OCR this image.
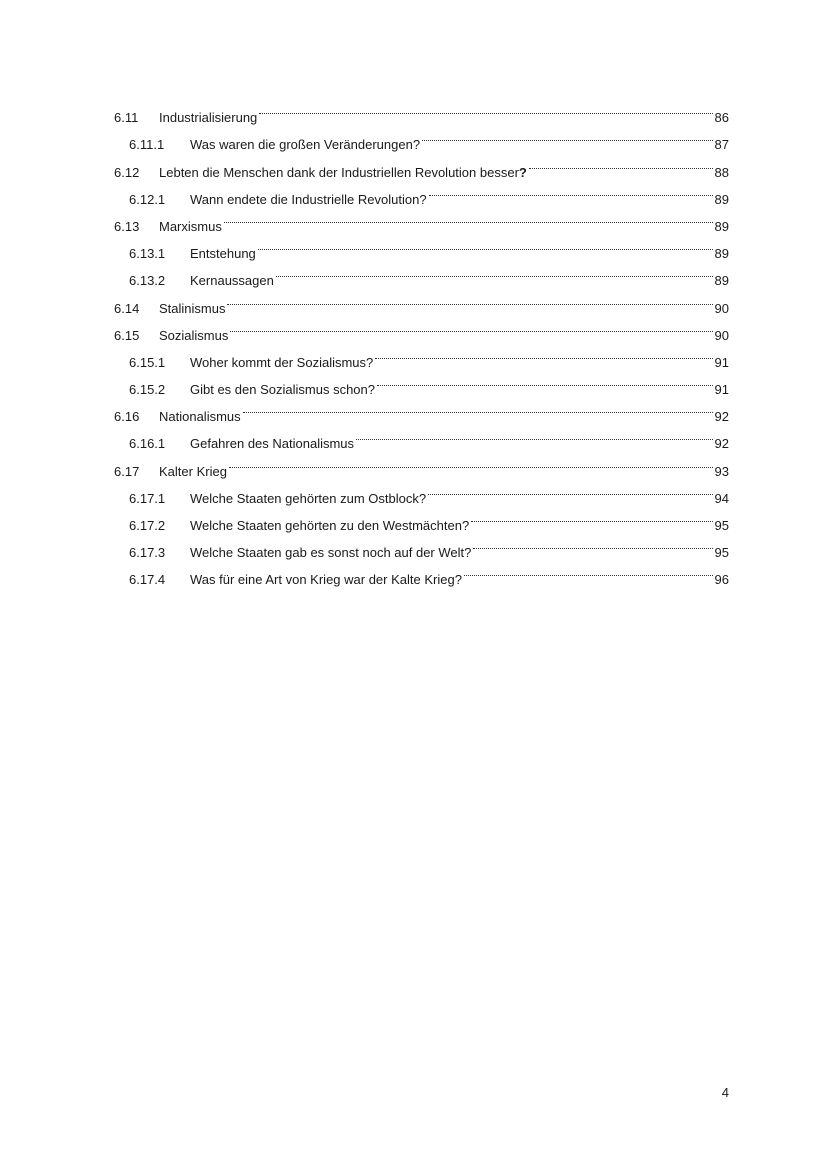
6.11	Industrialisierung	86
6.11.1	Was waren die großen Veränderungen?	87
6.12	Lebten die Menschen dank der Industriellen Revolution besser?	88
6.12.1	Wann endete die Industrielle Revolution?	89
6.13	Marxismus	89
6.13.1	Entstehung	89
6.13.2	Kernaussagen	89
6.14	Stalinismus	90
6.15	Sozialismus	90
6.15.1	Woher kommt der Sozialismus?	91
6.15.2	Gibt es den Sozialismus schon?	91
6.16	Nationalismus	92
6.16.1	Gefahren des Nationalismus	92
6.17	Kalter Krieg	93
6.17.1	Welche Staaten gehörten zum Ostblock?	94
6.17.2	Welche Staaten gehörten zu den Westmächten?	95
6.17.3	Welche Staaten gab es sonst noch auf der Welt?	95
6.17.4	Was für eine Art von Krieg war der Kalte Krieg?	96
4
